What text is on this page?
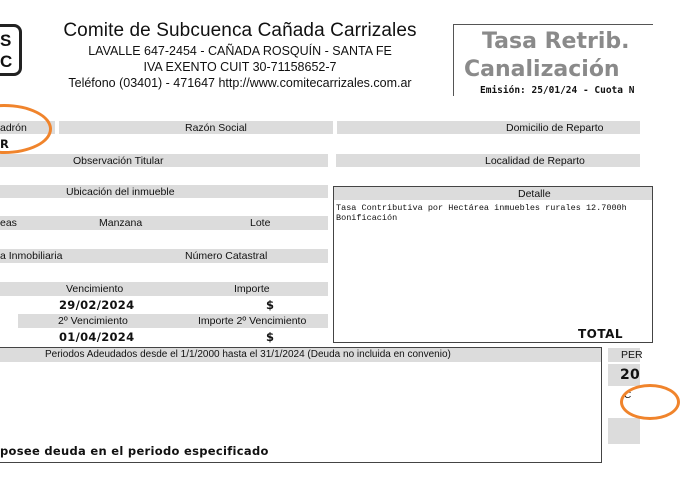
S
C
Comite de Subcuenca Cañada Carrizales
LAVALLE 647-2454 - CAÑADA ROSQUÍN - SANTA FE
IVA EXENTO CUIT 30-71158652-7
Teléfono (03401) - 471647 http://www.comitecarrizales.com.ar
Tasa Retrib.
Canalización
Emisión: 25/01/24 - Cuota N
adrón	Razón Social	Domicilio de Reparto
R
Observación Titular	Localidad de Reparto
Ubicación del inmueble	Detalle
Tasa Contributiva por Hectárea inmuebles rurales 12.7000h
Bonificación
TOTAL
eas	Manzana	Lote
a Inmobiliaria	Número Catastral
Vencimiento	Importe
29/02/2024	$
2º Vencimiento	Importe 2º Vencimiento
01/04/2024	$
Periodos Adeudados desde el 1/1/2000 hasta el 31/1/2024 (Deuda no incluida en convenio)
posee deuda en el periodo especificado
PER
20
C
